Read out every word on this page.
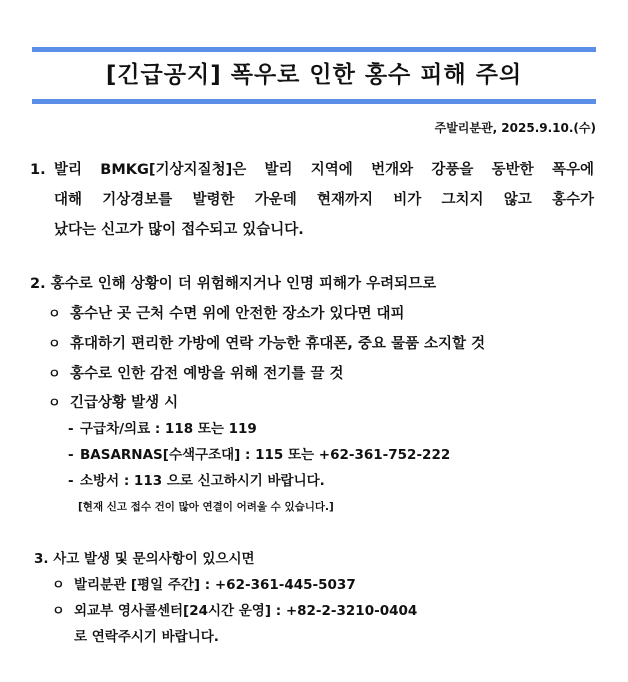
[긴급공지] 폭우로 인한 홍수 피해 주의
주발리분관, 2025.9.10.(수)
1. 발리 BMKG[기상지질청]은 발리 지역에 번개와 강풍을 동반한 폭우에
대해 기상경보를 발령한 가운데 현재까지 비가 그치지 않고 홍수가
났다는 신고가 많이 접수되고 있습니다.
2. 홍수로 인해 상황이 더 위험해지거나 인명 피해가 우려되므로
ㅇ 홍수난 곳 근처 수면 위에 안전한 장소가 있다면 대피
ㅇ 휴대하기 편리한 가방에 연락 가능한 휴대폰, 중요 물품 소지할 것
ㅇ 홍수로 인한 감전 예방을 위해 전기를 끌 것
ㅇ 긴급상황 발생 시
- 구급차/의료 : 118 또는 119
- BASARNAS[수색구조대] : 115 또는 +62-361-752-222
- 소방서 : 113 으로 신고하시기 바랍니다.
[현재 신고 접수 건이 많아 연결이 어려울 수 있습니다.]
3. 사고 발생 및 문의사항이 있으시면
ㅇ 발리분관 [평일 주간] : +62-361-445-5037
ㅇ 외교부 영사콜센터[24시간 운영] : +82-2-3210-0404
로 연락주시기 바랍니다.
